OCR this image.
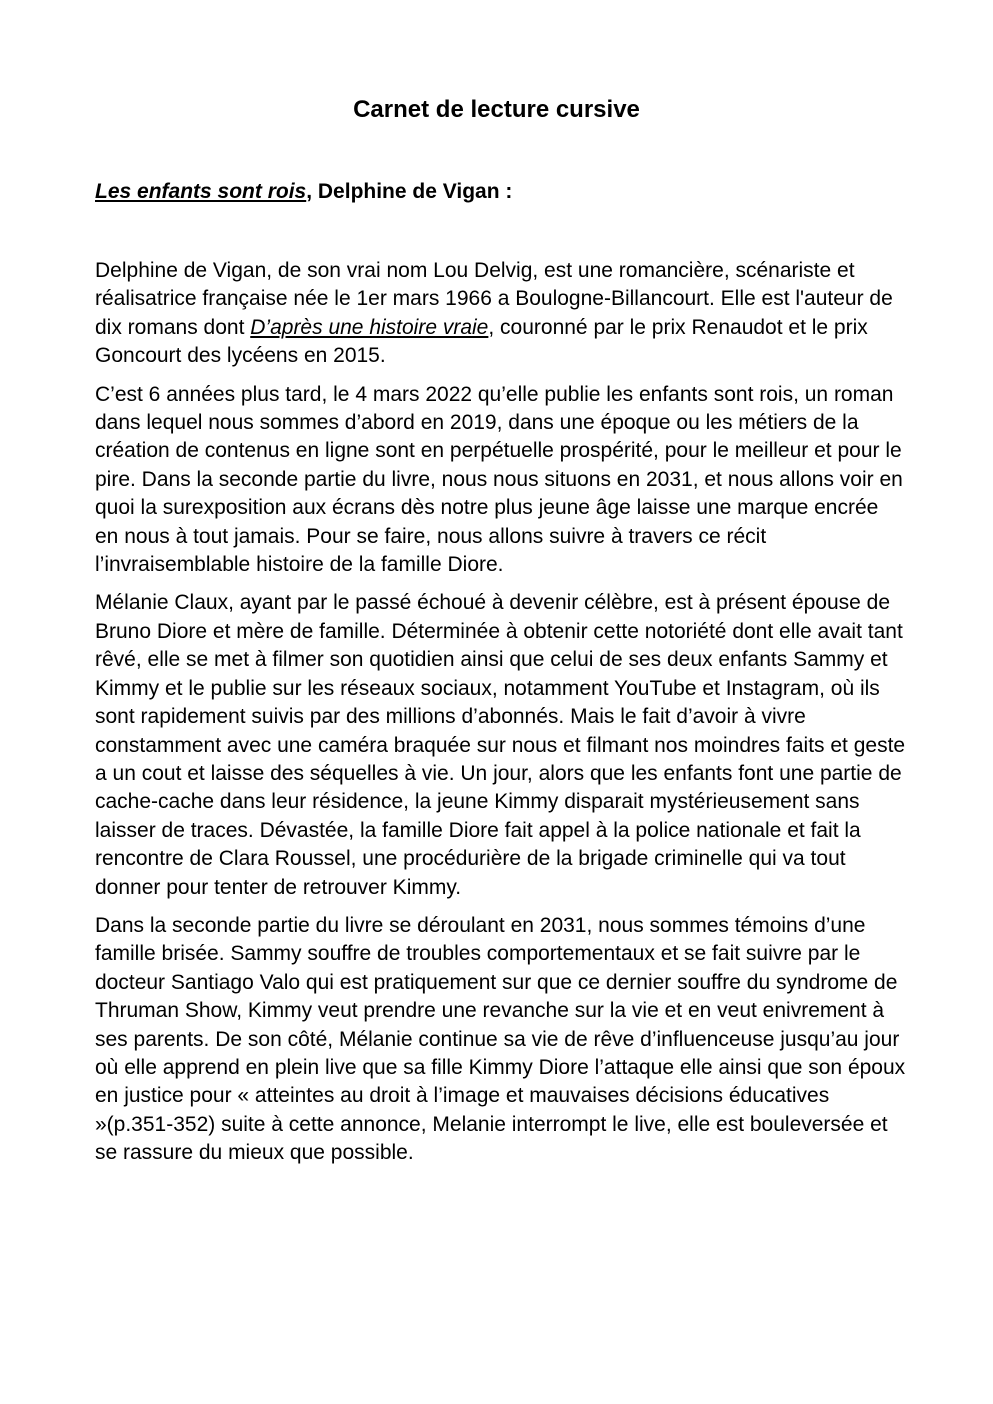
Carnet de lecture cursive
Les enfants sont rois, Delphine de Vigan :

Delphine de Vigan, de son vrai nom Lou Delvig, est une romancière, scénariste et réalisatrice française née le 1er mars 1966 a Boulogne-Billancourt. Elle est l'auteur de dix romans dont D’après une histoire vraie, couronné par le prix Renaudot et le prix Goncourt des lycéens en 2015.

C’est 6 années plus tard, le 4 mars 2022 qu’elle publie les enfants sont rois, un roman dans lequel nous sommes d’abord en 2019, dans une époque ou les métiers de la création de contenus en ligne sont en perpétuelle prospérité, pour le meilleur et pour le pire. Dans la seconde partie du livre, nous nous situons en 2031, et nous allons voir en quoi la surexposition aux écrans dès notre plus jeune âge laisse une marque encrée en nous à tout jamais. Pour se faire, nous allons suivre à travers ce récit l’invraisemblable histoire de la famille Diore.

Mélanie Claux, ayant par le passé échoué à devenir célèbre, est à présent épouse de Bruno Diore et mère de famille. Déterminée à obtenir cette notoriété dont elle avait tant rêvé, elle se met à filmer son quotidien ainsi que celui de ses deux enfants Sammy et Kimmy et le publie sur les réseaux sociaux, notamment YouTube et Instagram, où ils sont rapidement suivis par des millions d’abonnés. Mais le fait d’avoir à vivre constamment avec une caméra braquée sur nous et filmant nos moindres faits et geste a un cout et laisse des séquelles à vie. Un jour, alors que les enfants font une partie de cache-cache dans leur résidence, la jeune Kimmy disparait mystérieusement sans laisser de traces. Dévastée, la famille Diore fait appel à la police nationale et fait la rencontre de Clara Roussel, une procédurière de la brigade criminelle qui va tout donner pour tenter de retrouver Kimmy.

Dans la seconde partie du livre se déroulant en 2031, nous sommes témoins d’une famille brisée. Sammy souffre de troubles comportementaux et se fait suivre par le docteur Santiago Valo qui est pratiquement sur que ce dernier souffre du syndrome de Thruman Show, Kimmy veut prendre une revanche sur la vie et en veut enivrement à ses parents. De son côté, Mélanie continue sa vie de rêve d’influenceuse jusqu’au jour où elle apprend en plein live que sa fille Kimmy Diore l’attaque elle ainsi que son époux en justice pour « atteintes au droit à l’image et mauvaises décisions éducatives »(p.351-352) suite à cette annonce, Melanie interrompt le live, elle est bouleversée et se rassure du mieux que possible.
